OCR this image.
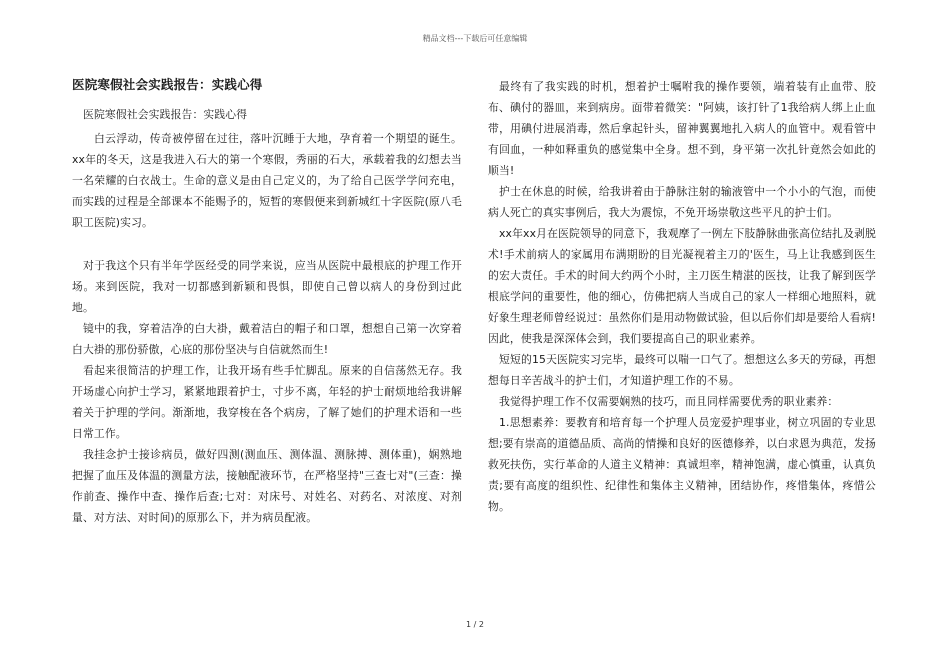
精品文档---下载后可任意编辑
医院寒假社会实践报告：实践心得

医院寒假社会实践报告：实践心得

白云浮动，传奇被停留在过往，落叶沉睡于大地，孕育着一个期望的诞生。xx年的冬天，这是我进入石大的第一个寒假，秀丽的石大，承载着我的幻想去当一名荣耀的白衣战士。生命的意义是由自己定义的，为了给自己医学学问充电，而实践的过程是全部课本不能赐予的，短暂的寒假便来到新城红十字医院(原八毛职工医院)实习。

对于我这个只有半年学医经受的同学来说，应当从医院中最根底的护理工作开场。来到医院，我对一切都感到新颖和畏惧，即使自己曾以病人的身份到过此地。

镜中的我，穿着洁净的白大褂，戴着洁白的帽子和口罩，想想自己第一次穿着白大褂的那份骄傲，心底的那份坚决与自信就然而生!

看起来很简洁的护理工作，让我开场有些手忙脚乱。原来的自信荡然无存。我开场虚心向护士学习，紧紧地跟着护士，寸步不离，年轻的护士耐烦地给我讲解着关于护理的学问。渐渐地，我穿梭在各个病房，了解了她们的护理术语和一些日常工作。

我挂念护士接诊病员，做好四测(测血压、测体温、测脉搏、测体重)，娴熟地把握了血压及体温的测量方法，接触配液环节，在严格坚持"三查七对"(三查：操作前查、操作中查、操作后查;七对：对床号、对姓名、对药名、对浓度、对剂量、对方法、对时间)的原那么下，并为病员配液。

最终有了我实践的时机，想着护士嘱咐我的操作要领，端着装有止血带、胶布、碘付的器皿，来到病房。面带着微笑："阿姨，该打针了1我给病人绑上止血带，用碘付进展消毒，然后拿起针头，留神翼翼地扎入病人的血管中。观看管中有回血，一种如释重负的感觉集中全身。想不到，身平第一次扎针竟然会如此的顺当!

护士在休息的时候，给我讲着由于静脉注射的输液管中一个小小的气泡，而使病人死亡的真实事例后，我大为震惊，不免开场崇敬这些平凡的护士们。

xx年xx月在医院领导的同意下，我观摩了一例左下肢静脉曲张高位结扎及剥脱术!手术前病人的家属用布满期盼的目光凝视着主刀的'医生，马上让我感到医生的宏大责任。手术的时间大约两个小时，主刀医生精湛的医技，让我了解到医学根底学问的重要性，他的细心，仿佛把病人当成自己的家人一样细心地照料，就好象生理老师曾经说过：虽然你们是用动物做试验，但以后你们却是要给人看病!因此，使我是深深体会到，我们要提高自己的职业素养。

短短的15天医院实习完毕，最终可以喘一口气了。想想这么多天的劳碌，再想想每日辛苦战斗的护士们，才知道护理工作的不易。

我觉得护理工作不仅需要娴熟的技巧，而且同样需要优秀的职业素养：

1.思想素养：要教育和培育每一个护理人员宠爱护理事业，树立巩固的专业思想;要有崇高的道德品质、高尚的情操和良好的医德修养，以白求恩为典范，发扬救死扶伤，实行革命的人道主义精神：真诚坦率，精神饱满，虚心慎重，认真负责;要有高度的组织性、纪律性和集体主义精神，团结协作，疼惜集体，疼惜公物。

1 / 2
